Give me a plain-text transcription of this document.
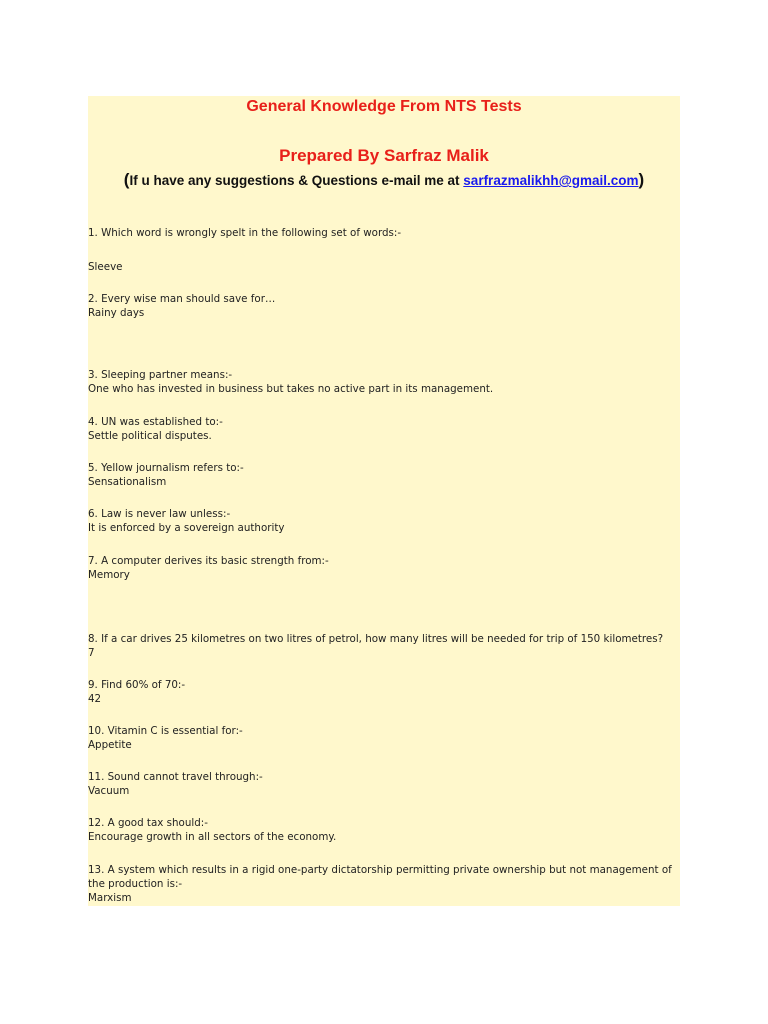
General Knowledge From NTS Tests
Prepared By Sarfraz Malik
(If u have any suggestions & Questions e-mail me at sarfrazmalikhh@gmail.com)
1. Which word is wrongly spelt in the following set of words:-
Sleeve
2. Every wise man should save for…
Rainy days
3. Sleeping partner means:-
One who has invested in business but takes no active part in its management.
4. UN was established to:-
Settle political disputes.
5. Yellow journalism refers to:-
Sensationalism
6. Law is never law unless:-
It is enforced by a sovereign authority
7. A computer derives its basic strength from:-
Memory
8. If a car drives 25 kilometres on two litres of petrol, how many litres will be needed for trip of 150 kilometres?
7
9. Find 60% of 70:-
42
10. Vitamin C is essential for:-
Appetite
11. Sound cannot travel through:-
Vacuum
12. A good tax should:-
Encourage growth in all sectors of the economy.
13. A system which results in a rigid one-party dictatorship permitting private ownership but not management of the production is:-
Marxism
